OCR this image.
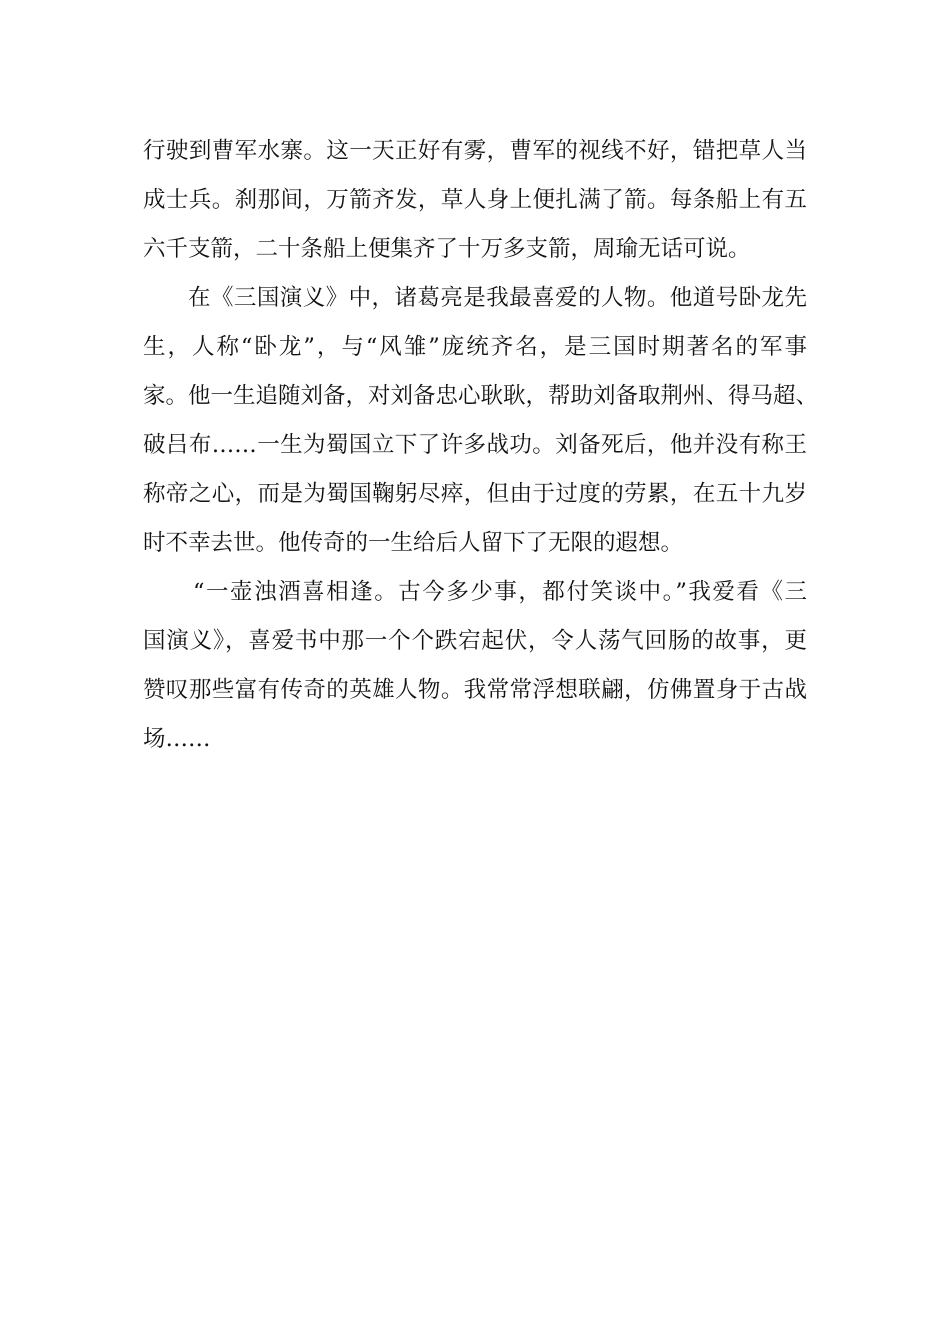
行驶到曹军水寨。这一天正好有雾，曹军的视线不好，错把草人当
成士兵。刹那间，万箭齐发，草人身上便扎满了箭。每条船上有五
六千支箭，二十条船上便集齐了十万多支箭，周瑜无话可说。
在《三国演义》中，诸葛亮是我最喜爱的人物。他道号卧龙先
生，人称“卧龙”，与“风雏”庞统齐名，是三国时期著名的军事
家。他一生追随刘备，对刘备忠心耿耿，帮助刘备取荆州、得马超、
破吕布……一生为蜀国立下了许多战功。刘备死后，他并没有称王
称帝之心，而是为蜀国鞠躬尽瘁，但由于过度的劳累，在五十九岁
时不幸去世。他传奇的一生给后人留下了无限的遐想。
“一壶浊酒喜相逢。古今多少事，都付笑谈中。”我爱看《三
国演义》，喜爱书中那一个个跌宕起伏，令人荡气回肠的故事，更
赞叹那些富有传奇的英雄人物。我常常浮想联翩，仿佛置身于古战
场……
